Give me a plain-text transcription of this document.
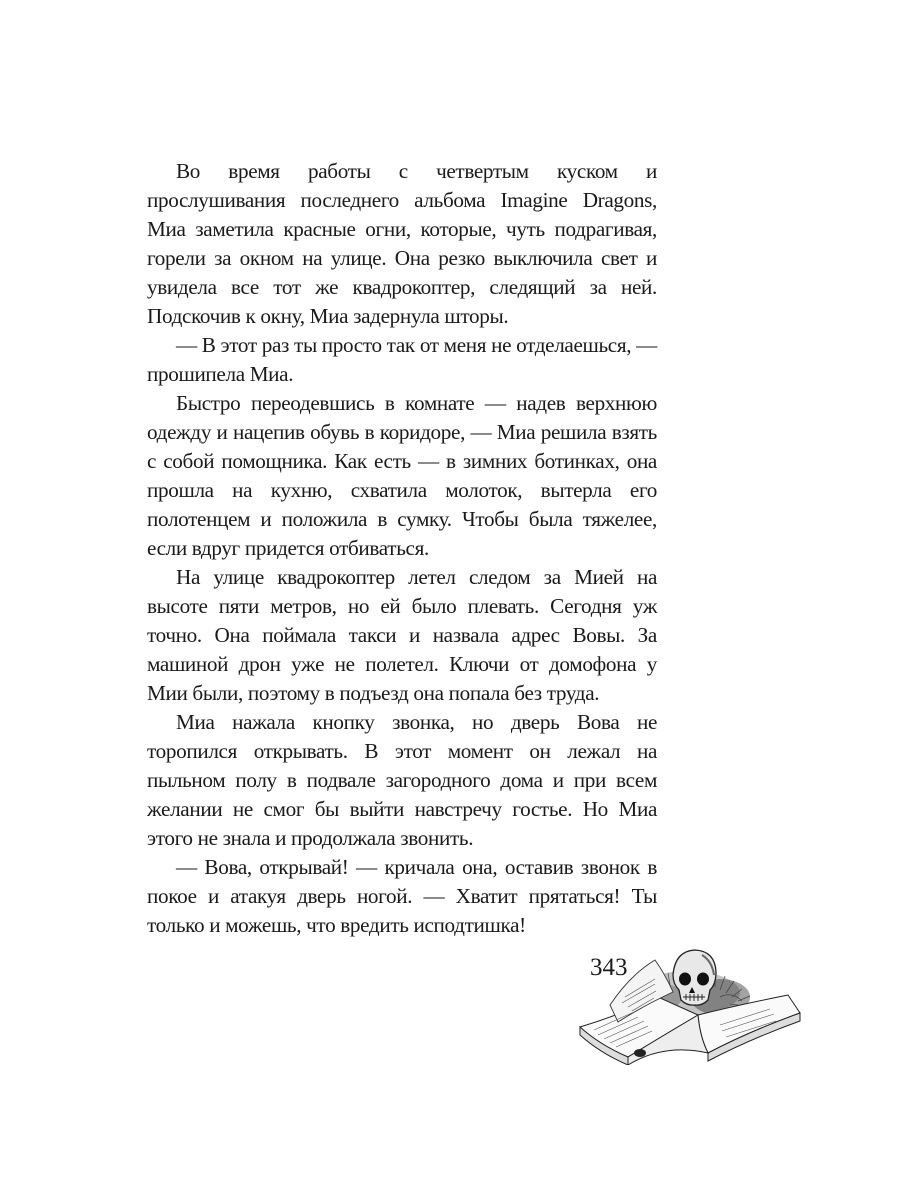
Во время работы с четвертым куском и прослушивания последнего альбома Imagine Dragons, Миа заметила красные огни, которые, чуть подрагивая, горели за окном на улице. Она резко выключила свет и увидела все тот же квадрокоптер, следящий за ней. Подскочив к окну, Миа задернула шторы.

— В этот раз ты просто так от меня не отделаешься, — прошипела Миа.

Быстро переодевшись в комнате — надев верхнюю одежду и нацепив обувь в коридоре, — Миа решила взять с собой помощника. Как есть — в зимних ботинках, она прошла на кухню, схватила молоток, вытерла его полотенцем и положила в сумку. Чтобы была тяжелее, если вдруг придется отбиваться.

На улице квадрокоптер летел следом за Мией на высоте пяти метров, но ей было плевать. Сегодня уж точно. Она поймала такси и назвала адрес Вовы. За машиной дрон уже не полетел. Ключи от домофона у Мии были, поэтому в подъезд она попала без труда.

Миа нажала кнопку звонка, но дверь Вова не торопился открывать. В этот момент он лежал на пыльном полу в подвале загородного дома и при всем желании не смог бы выйти навстречу гостье. Но Миа этого не знала и продолжала звонить.

— Вова, открывай! — кричала она, оставив звонок в покое и атакуя дверь ногой. — Хватит прятаться! Ты только и можешь, что вредить исподтишка!

343
